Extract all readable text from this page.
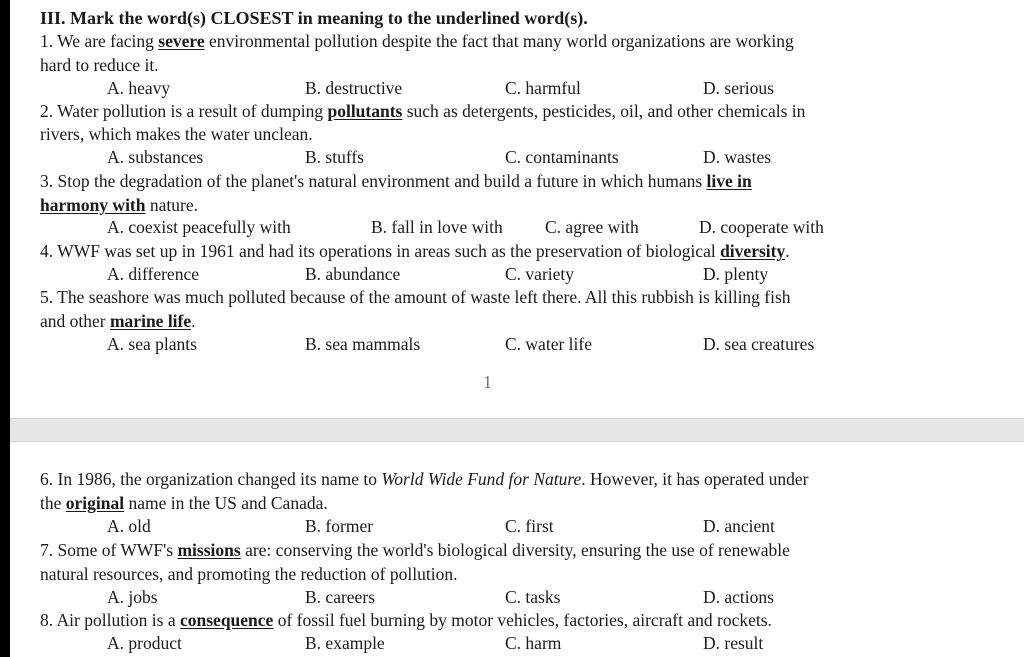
III. Mark the word(s) CLOSEST in meaning to the underlined word(s).
1. We are facing severe environmental pollution despite the fact that many world organizations are working
hard to reduce it.
A. heavy	B. destructive	C. harmful	D. serious
2. Water pollution is a result of dumping pollutants such as detergents, pesticides, oil, and other chemicals in
rivers, which makes the water unclean.
A. substances	B. stuffs	C. contaminants	D. wastes
3. Stop the degradation of the planet's natural environment and build a future in which humans live in
harmony with nature.
A. coexist peacefully with	B. fall in love with C. agree with	D. cooperate with
4. WWF was set up in 1961 and had its operations in areas such as the preservation of biological diversity.
A. difference	B. abundance	C. variety	D. plenty
5. The seashore was much polluted because of the amount of waste left there. All this rubbish is killing fish
and other marine life.
A. sea plants	B. sea mammals	C. water life	D. sea creatures
1
6. In 1986, the organization changed its name to World Wide Fund for Nature. However, it has operated under
the original name in the US and Canada.
A. old	B. former	C. first	D. ancient
7. Some of WWF's missions are: conserving the world's biological diversity, ensuring the use of renewable
natural resources, and promoting the reduction of pollution.
A. jobs	B. careers	C. tasks	D. actions
8. Air pollution is a consequence of fossil fuel burning by motor vehicles, factories, aircraft and rockets.
A. product	B. example	C. harm	D. result
